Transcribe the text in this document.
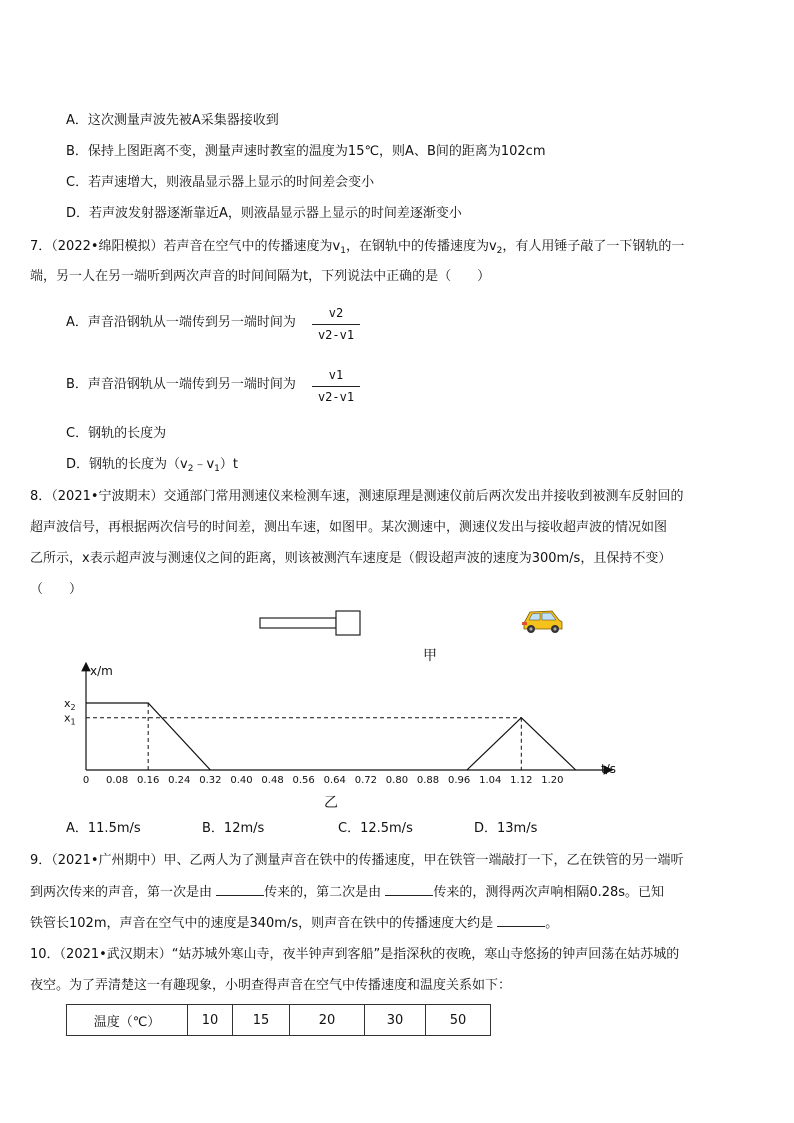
A．这次测量声波先被A采集器接收到
B．保持上图距离不变，测量声速时教室的温度为15℃，则A、B间的距离为102cm
C．若声速增大，则液晶显示器上显示的时间差会变小
D．若声波发射器逐渐靠近A，则液晶显示器上显示的时间差逐渐变小
7．（2022•绵阳模拟）若声音在空气中的传播速度为$v_1$，在钢轨中的传播速度为$v_2$，有人用锤子敲了一下钢轨的一
端，另一人在另一端听到两次声音的时间间隔为t，下列说法中正确的是（　　）
A．声音沿钢轨从一端传到另一端时间为
v2
v2-v1
B．声音沿钢轨从一端传到另一端时间为
v1
v2-v1
C．钢轨的长度为
D．钢轨的长度为$(v_2﹣v_1)t$
8．（2021•宁波期末）交通部门常用测速仪来检测车速，测速原理是测速仪前后两次发出并接收到被测车反射回的
超声波信号，再根据两次信号的时间差，测出车速，如图甲。某次测速中，测速仪发出与接收超声波的情况如图
乙所示，x表示超声波与测速仪之间的距离，则该被测汽车速度是（假设超声波的速度为300m/s，且保持不变）
（　　）
甲
x/m
t/s
0 0.08 0.16 0.24 0.32 0.40 0.48 0.56 0.64 0.72 0.80 0.88 0.96 1.04 1.12 1.20
$x_2$
$x_1$
乙
A．11.5m/s	B．12m/s	C．12.5m/s	D．13m/s
9．（2021•广州期中）甲、乙两人为了测量声音在铁中的传播速度，甲在铁管一端敲打一下，乙在铁管的另一端听
到两次传来的声音，第一次是由	传来的，第二次是由	传来的，测得两次声响相隔0.28s。已知
铁管长102m，声音在空气中的速度是340m/s，则声音在铁中的传播速度大约是	。
10．（2021•武汉期末）“姑苏城外寒山寺，夜半钟声到客船”是指深秋的夜晚，寒山寺悠扬的钟声回荡在姑苏城的
夜空。为了弄清楚这一有趣现象，小明查得声音在空气中传播速度和温度关系如下：
温度（℃）	10	15	20	30	50
